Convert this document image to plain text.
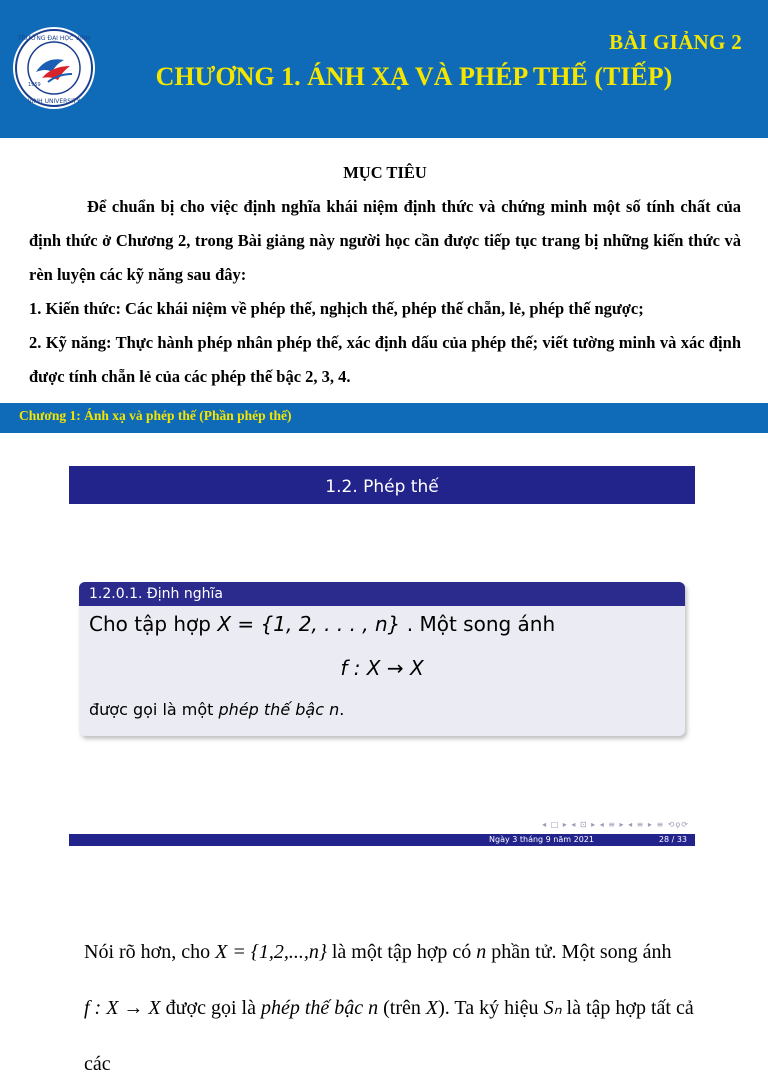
TRƯỜNG ĐẠI HỌC VINH
VINH UNIVERSITY
1959
BÀI GIẢNG 2
CHƯƠNG 1. ÁNH XẠ VÀ PHÉP THẾ (TIẾP)
MỤC TIÊU
Để chuẩn bị cho việc định nghĩa khái niệm định thức và chứng minh một số tính chất của định thức ở Chương 2, trong Bài giảng này người học cần được tiếp tục trang bị những kiến thức và rèn luyện các kỹ năng sau đây:
1. Kiến thức: Các khái niệm về phép thế, nghịch thế, phép thế chẵn, lẻ, phép thế ngược;
2. Kỹ năng: Thực hành phép nhân phép thế, xác định dấu của phép thế; viết tường minh và xác định được tính chẵn lẻ của các phép thế bậc 2, 3, 4.
Chương 1: Ánh xạ và phép thế (Phần phép thế)
1.2. Phép thế
1.2.0.1. Định nghĩa
Cho tập hợp X = {1, 2, . . . , n} . Một song ánh
f : X → X
được gọi là một phép thế bậc n.
◂ □ ▸ ◂ ⊡ ▸ ◂ ≡ ▸ ◂ ≡ ▸ ≡ ⟲ϙ⟳
Ngày 3 tháng 9 năm 2021	28 / 33
Nói rõ hơn, cho X = {1,2,...,n} là một tập hợp có n phần tử. Một song ánh
f : X → X được gọi là phép thế bậc n (trên X). Ta ký hiệu Sₙ là tập hợp tất cả các
